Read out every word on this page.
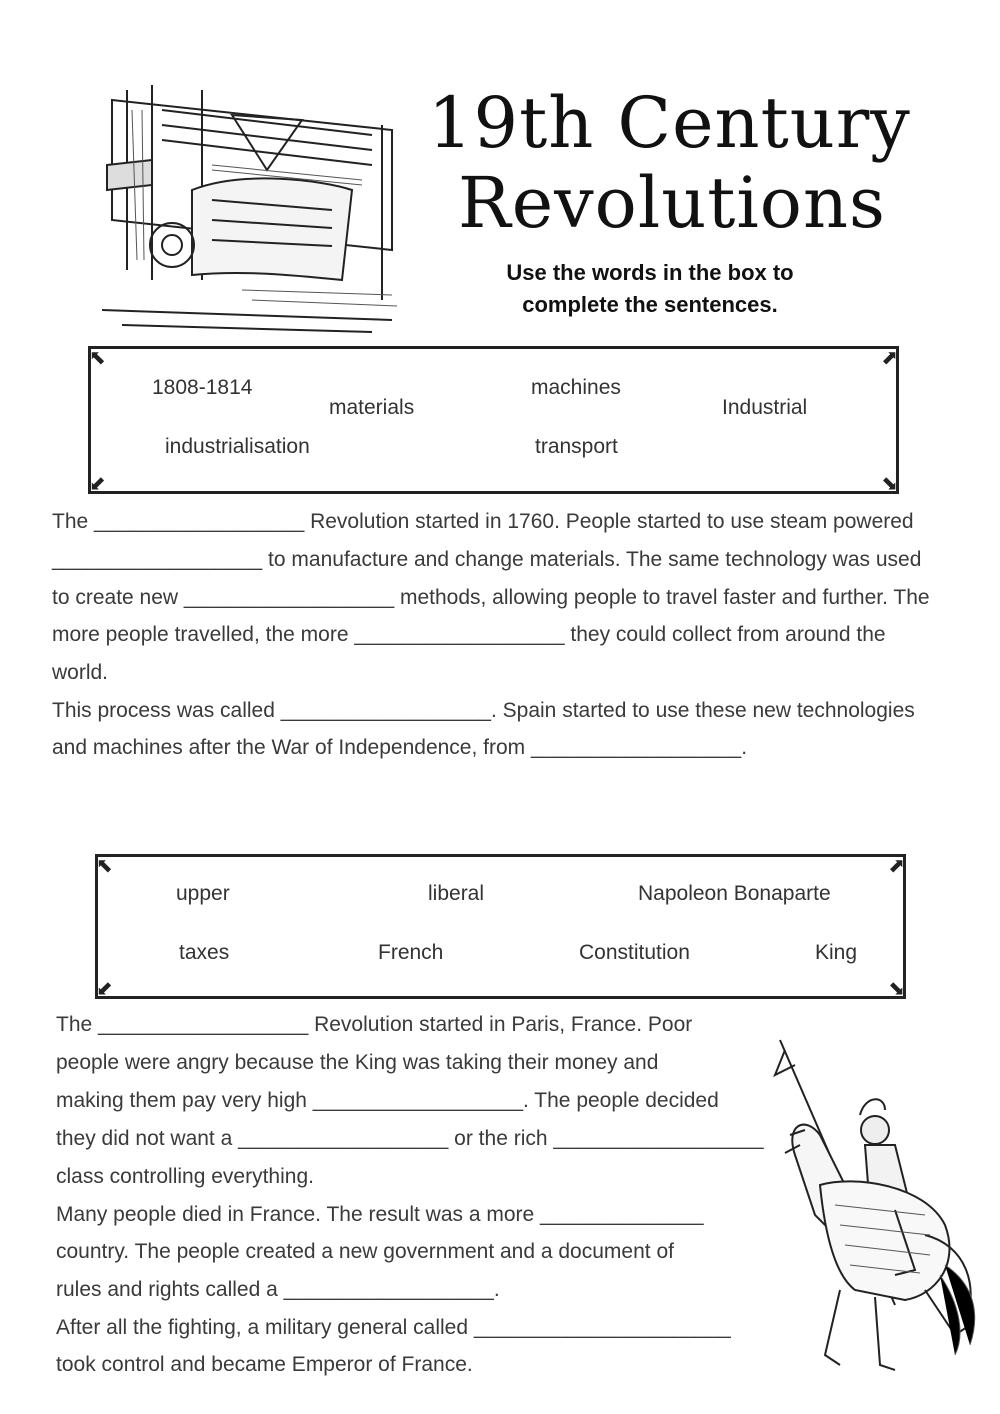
19th Century
Revolutions
Use the words in the box to
complete the sentences.
⬉	⬈
⬋	⬊
1808-1814
materials
machines
Industrial
industrialisation	transport
The __________________ Revolution started in 1760. People started to use steam powered
__________________ to manufacture and change materials. The same technology was used
to create new __________________ methods, allowing people to travel faster and further. The
more people travelled, the more __________________ they could collect from around the
world.
This process was called __________________. Spain started to use these new technologies
and machines after the War of Independence, from __________________.
⬉	⬈
⬋	⬊
upper	liberal	Napoleon Bonaparte
taxes	French	Constitution	King
The __________________ Revolution started in Paris, France. Poor
people were angry because the King was taking their money and
making them pay very high __________________. The people decided
they did not want a __________________ or the rich __________________
class controlling everything.
Many people died in France. The result was a more ______________
country. The people created a new government and a document of
rules and rights called a __________________.
After all the fighting, a military general called ______________________
took control and became Emperor of France.
